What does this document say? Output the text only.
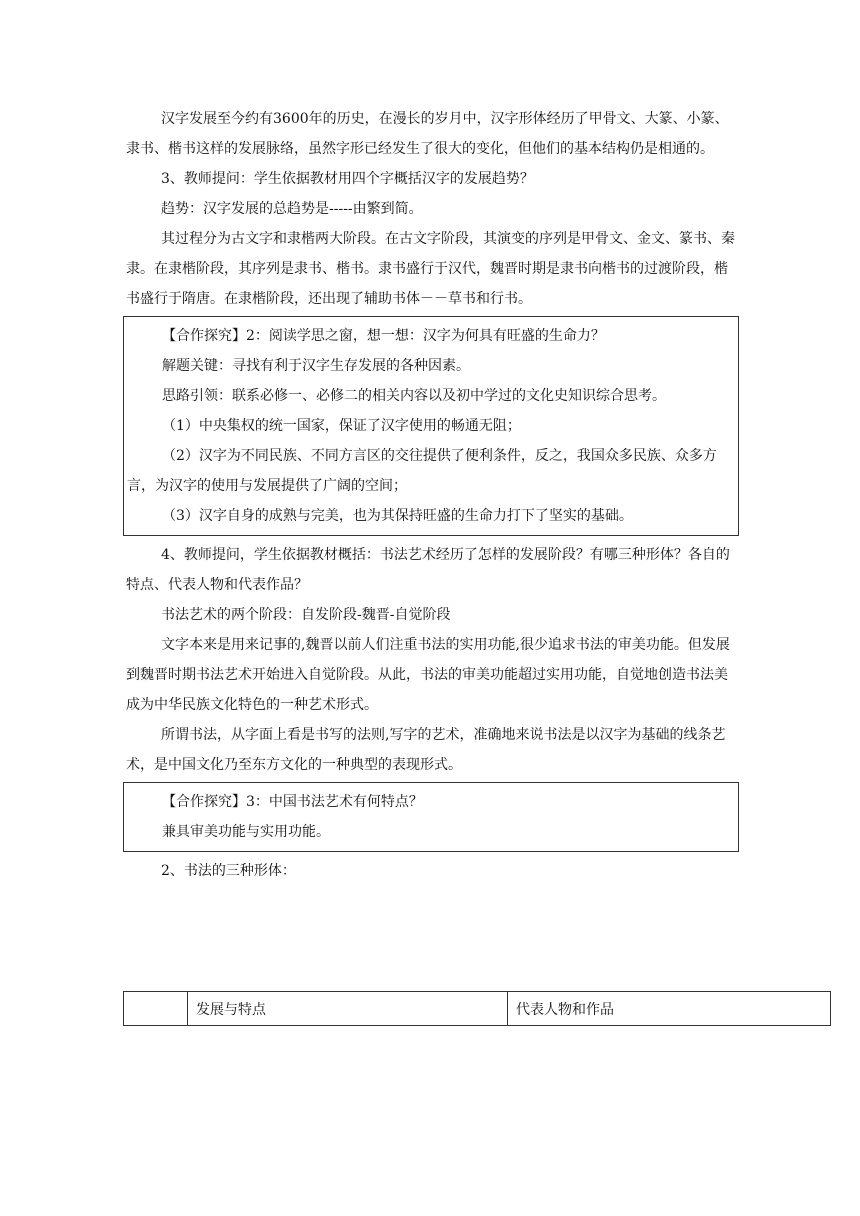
汉字发展至今约有3600年的历史，在漫长的岁月中，汉字形体经历了甲骨文、大篆、小篆、隶书、楷书这样的发展脉络，虽然字形已经发生了很大的变化，但他们的基本结构仍是相通的。

3、教师提问：学生依据教材用四个字概括汉字的发展趋势？

趋势：汉字发展的总趋势是-----由繁到简。

其过程分为古文字和隶楷两大阶段。在古文字阶段，其演变的序列是甲骨文、金文、篆书、秦隶。在隶楷阶段，其序列是隶书、楷书。隶书盛行于汉代，魏晋时期是隶书向楷书的过渡阶段，楷书盛行于隋唐。在隶楷阶段，还出现了辅助书体－－草书和行书。

【合作探究】2：阅读学思之窗，想一想：汉字为何具有旺盛的生命力？

解题关键：寻找有利于汉字生存发展的各种因素。

思路引领：联系必修一、必修二的相关内容以及初中学过的文化史知识综合思考。

（1）中央集权的统一国家，保证了汉字使用的畅通无阻；

（2）汉字为不同民族、不同方言区的交往提供了便利条件，反之，我国众多民族、众多方言，为汉字的使用与发展提供了广阔的空间；

（3）汉字自身的成熟与完美，也为其保持旺盛的生命力打下了坚实的基础。

4、教师提问，学生依据教材概括：书法艺术经历了怎样的发展阶段？有哪三种形体？各自的特点、代表人物和代表作品？

书法艺术的两个阶段：自发阶段-魏晋-自觉阶段

文字本来是用来记事的,魏晋以前人们注重书法的实用功能,很少追求书法的审美功能。但发展到魏晋时期书法艺术开始进入自觉阶段。从此，书法的审美功能超过实用功能，自觉地创造书法美成为中华民族文化特色的一种艺术形式。

所谓书法，从字面上看是书写的法则,写字的艺术，准确地来说书法是以汉字为基础的线条艺术，是中国文化乃至东方文化的一种典型的表现形式。

【合作探究】3：中国书法艺术有何特点？

兼具审美功能与实用功能。

2、书法的三种形体：

	发展与特点	代表人物和作品
